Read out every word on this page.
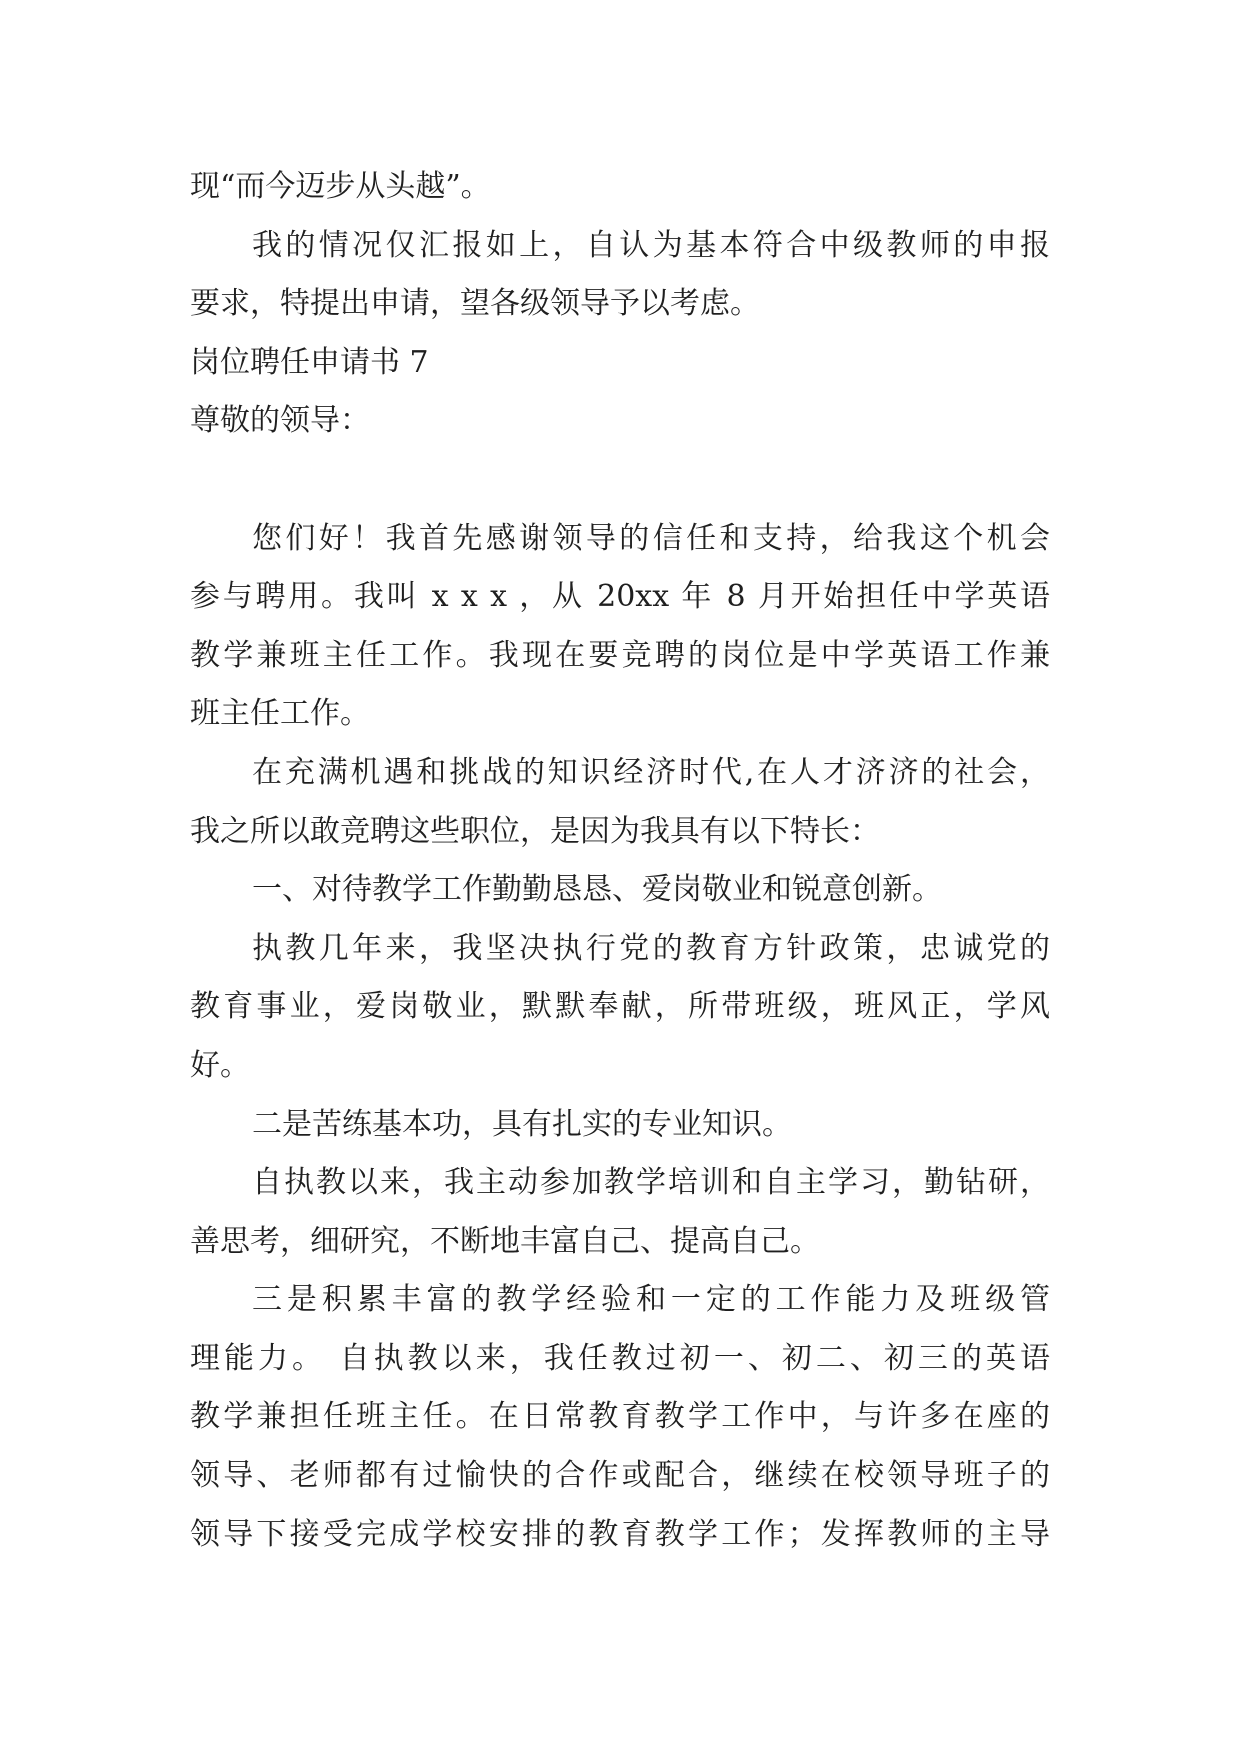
现“而今迈步从头越”。
我的情况仅汇报如上，自认为基本符合中级教师的申报
要求，特提出申请，望各级领导予以考虑。
岗位聘任申请书 7
尊敬的领导：
您们好！我首先感谢领导的信任和支持，给我这个机会
参与聘用。我叫 x x x ，从 20xx 年 8 月开始担任中学英语
教学兼班主任工作。我现在要竞聘的岗位是中学英语工作兼
班主任工作。
在充满机遇和挑战的知识经济时代,在人才济济的社会，
我之所以敢竞聘这些职位，是因为我具有以下特长：
一、对待教学工作勤勤恳恳、爱岗敬业和锐意创新。
执教几年来，我坚决执行党的教育方针政策，忠诚党的
教育事业，爱岗敬业，默默奉献，所带班级，班风正，学风
好。
二是苦练基本功，具有扎实的专业知识。
自执教以来，我主动参加教学培训和自主学习，勤钻研，
善思考，细研究，不断地丰富自己、提高自己。
三是积累丰富的教学经验和一定的工作能力及班级管
理能力。 自执教以来，我任教过初一、初二、初三的英语
教学兼担任班主任。在日常教育教学工作中，与许多在座的
领导、老师都有过愉快的合作或配合，继续在校领导班子的
领导下接受完成学校安排的教育教学工作；发挥教师的主导
